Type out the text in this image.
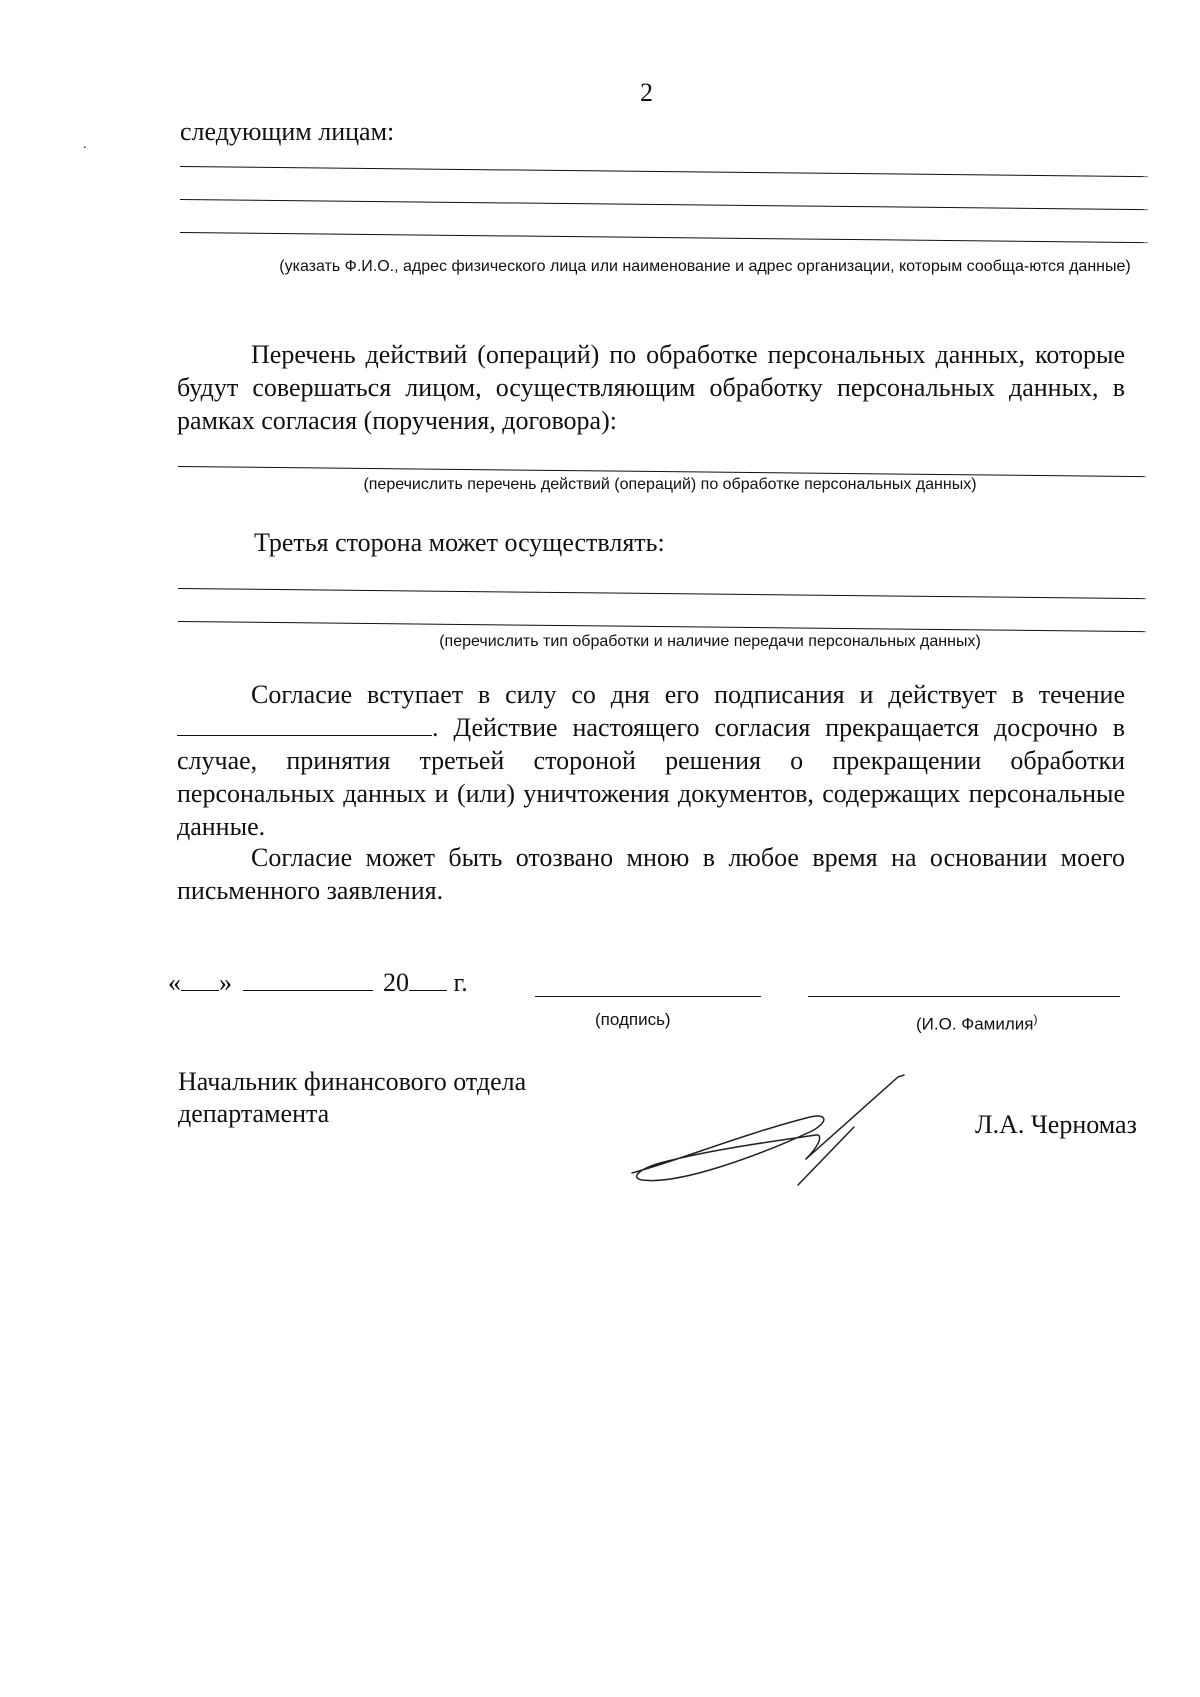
2
.	следующим лицам:
(указать Ф.И.О., адрес физического лица или наименование и адрес организации, которым сообща-ются данные)
Перечень действий (операций) по обработке персональных данных, которые будут совершаться лицом, осуществляющим обработку персональных данных, в рамках согласия (поручения, договора):
(перечислить перечень действий (операций) по обработке персональных данных)
Третья сторона может осуществлять:
(перечислить тип обработки и наличие передачи персональных данных)
Согласие вступает в силу со дня его подписания и действует в течение . Действие настоящего согласия прекращается досрочно в случае, принятия третьей стороной решения о прекращении обработки персональных данных и (или) уничтожения документов, содержащих персональные данные.
Согласие может быть отозвано мною в любое время на основании моего письменного заявления.
« »	20 г.
(подпись)	(И.О. Фамилия)
Начальник финансового отдела
департамента	Л.А. Черномаз
